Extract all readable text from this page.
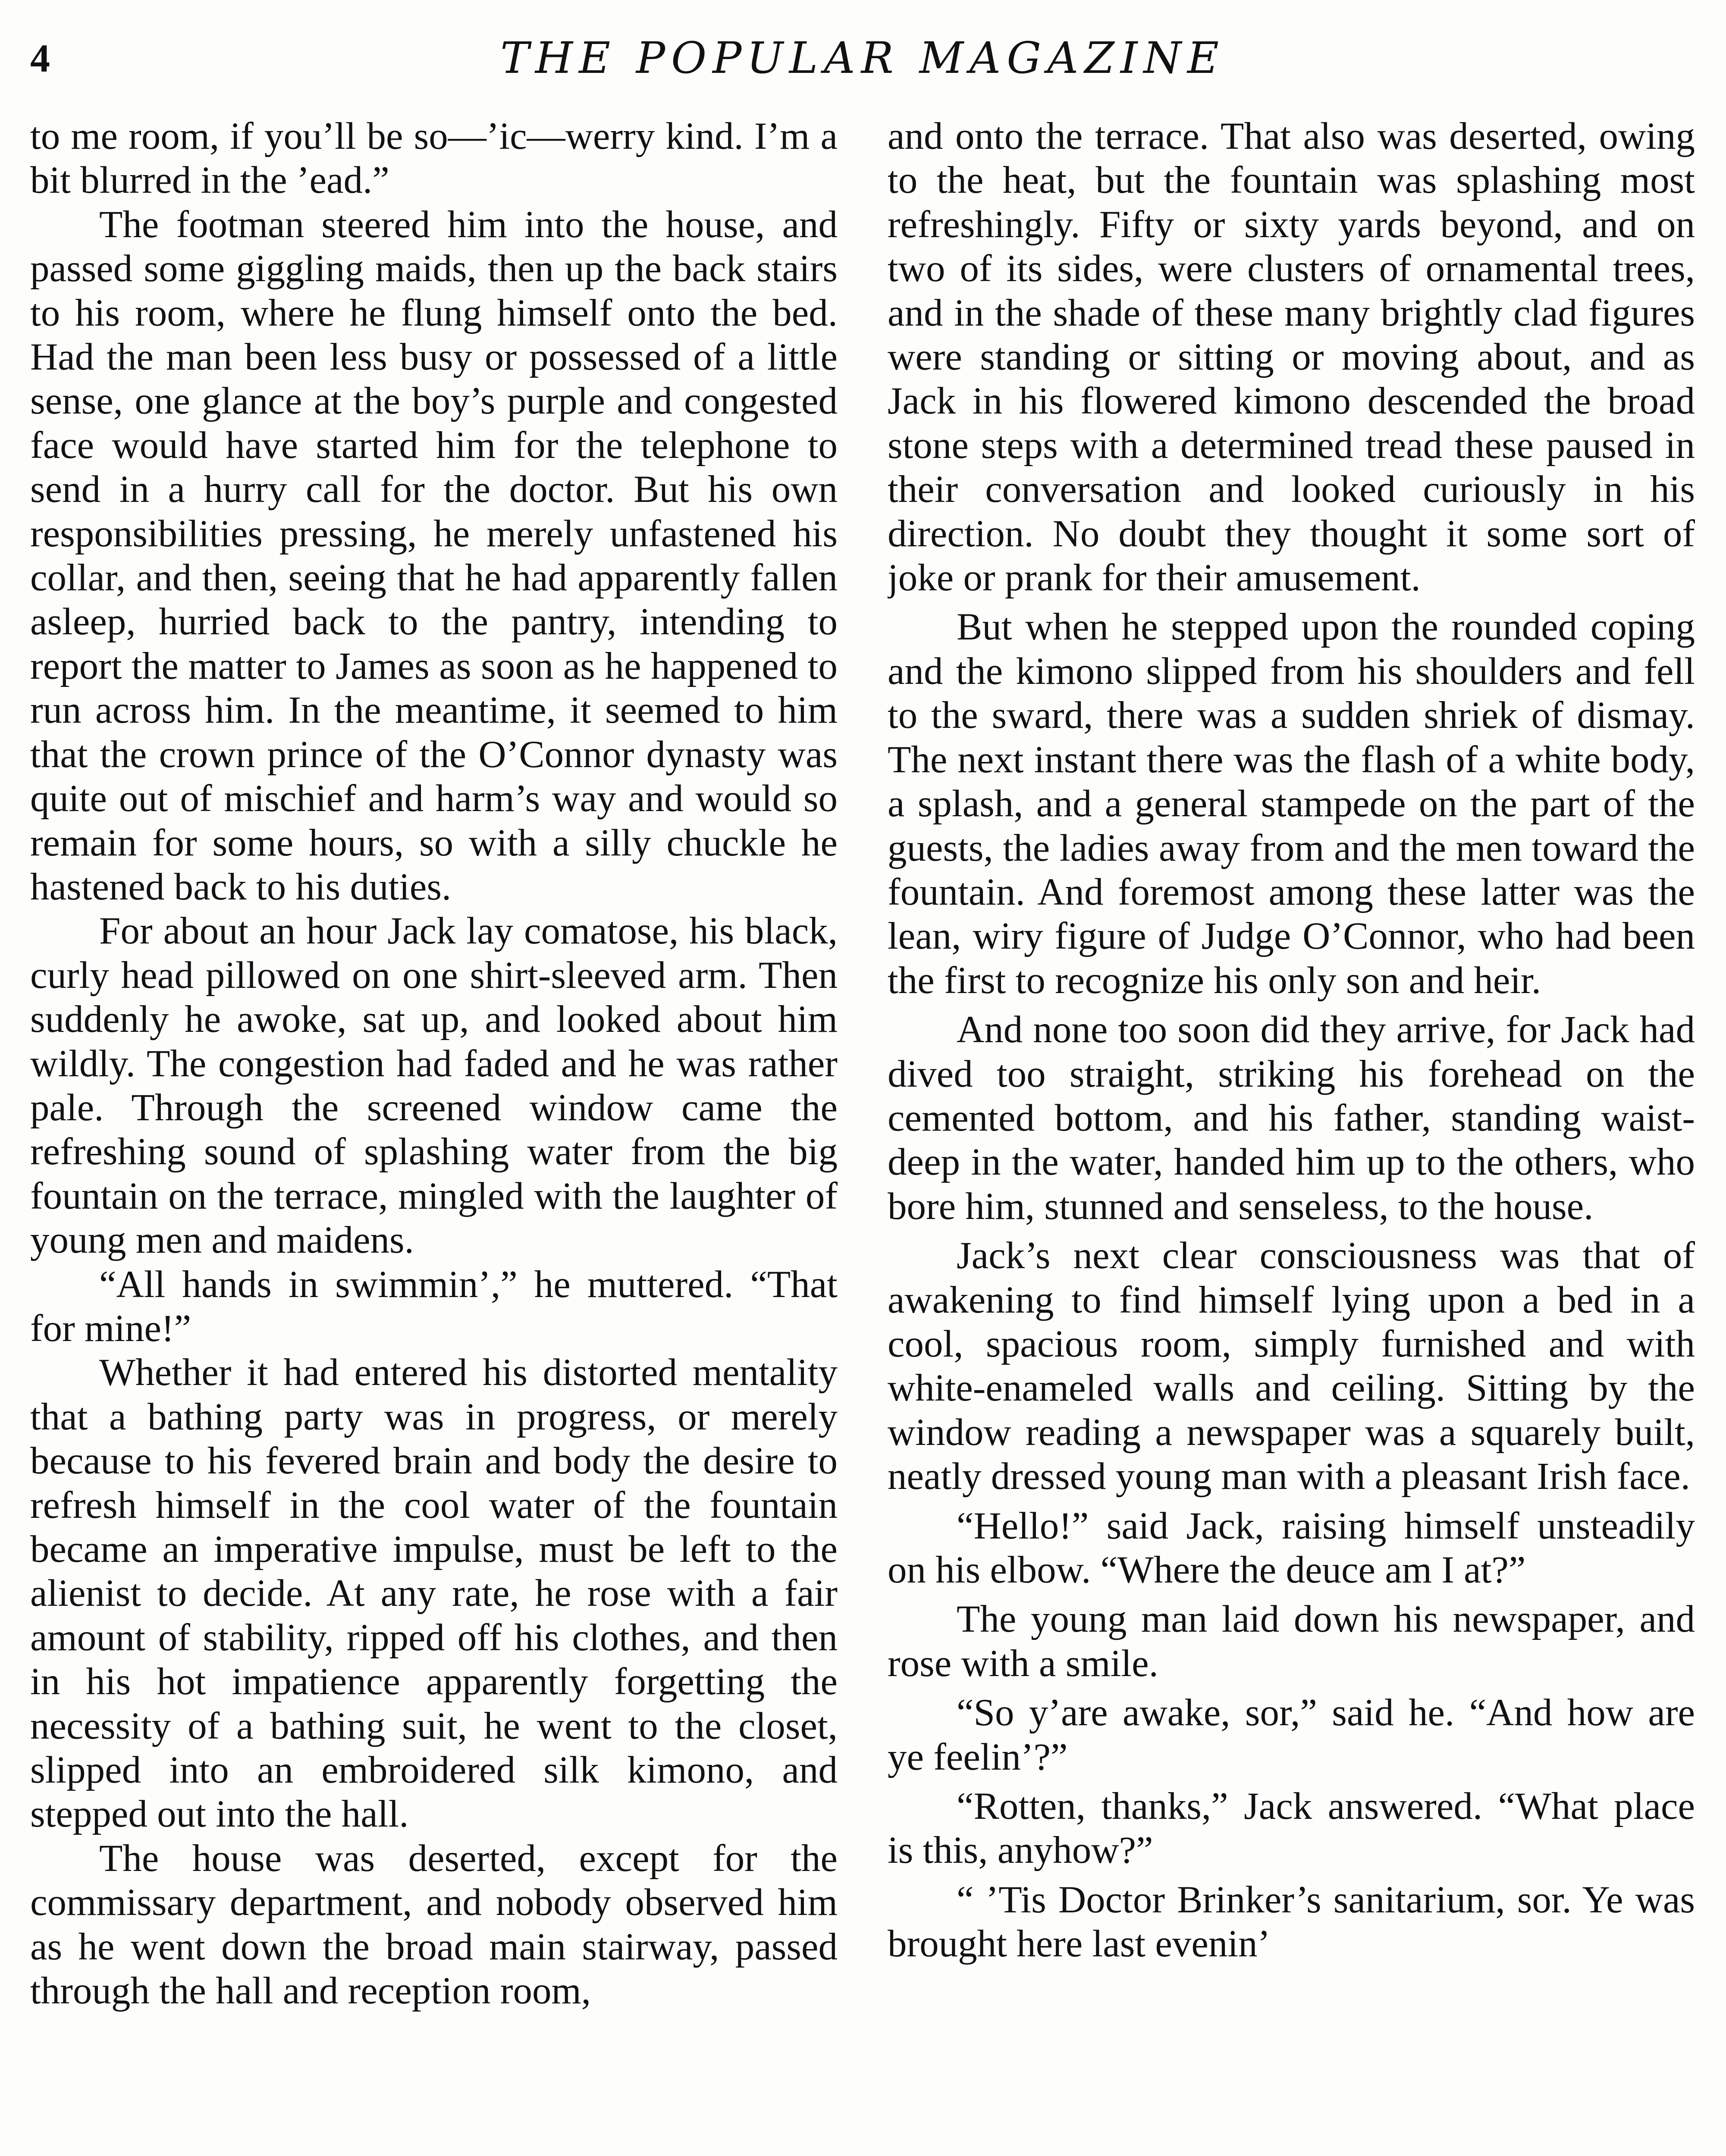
4	THE POPULAR MAGAZINE

to me room, if you’ll be so—’ic—werry kind. I’m a bit blurred in the ’ead.”

The footman steered him into the house, and passed some giggling maids, then up the back stairs to his room, where he flung himself onto the bed. Had the man been less busy or possessed of a little sense, one glance at the boy’s purple and congested face would have started him for the telephone to send in a hurry call for the doctor. But his own responsibilities pressing, he merely unfastened his collar, and then, seeing that he had apparently fallen asleep, hurried back to the pantry, intending to report the matter to James as soon as he happened to run across him. In the meantime, it seemed to him that the crown prince of the O’Connor dynasty was quite out of mischief and harm’s way and would so remain for some hours, so with a silly chuckle he hastened back to his duties.

For about an hour Jack lay comatose, his black, curly head pillowed on one shirt-sleeved arm. Then suddenly he awoke, sat up, and looked about him wildly. The congestion had faded and he was rather pale. Through the screened window came the refreshing sound of splashing water from the big fountain on the terrace, mingled with the laughter of young men and maidens.

“All hands in swimmin’,” he muttered. “That for mine!”

Whether it had entered his distorted mentality that a bathing party was in progress, or merely because to his fevered brain and body the desire to refresh himself in the cool water of the fountain became an imperative impulse, must be left to the alienist to decide. At any rate, he rose with a fair amount of stability, ripped off his clothes, and then in his hot impatience apparently forgetting the necessity of a bathing suit, he went to the closet, slipped into an embroidered silk kimono, and stepped out into the hall.

The house was deserted, except for the commissary department, and nobody observed him as he went down the broad main stairway, passed through the hall and reception room,

and onto the terrace. That also was deserted, owing to the heat, but the fountain was splashing most refreshingly. Fifty or sixty yards beyond, and on two of its sides, were clusters of ornamental trees, and in the shade of these many brightly clad figures were standing or sitting or moving about, and as Jack in his flowered kimono descended the broad stone steps with a determined tread these paused in their conversation and looked curiously in his direction. No doubt they thought it some sort of joke or prank for their amusement.

But when he stepped upon the rounded coping and the kimono slipped from his shoulders and fell to the sward, there was a sudden shriek of dismay. The next instant there was the flash of a white body, a splash, and a general stampede on the part of the guests, the ladies away from and the men toward the fountain. And foremost among these latter was the lean, wiry figure of Judge O’Connor, who had been the first to recognize his only son and heir.

And none too soon did they arrive, for Jack had dived too straight, striking his forehead on the cemented bottom, and his father, standing waist-deep in the water, handed him up to the others, who bore him, stunned and senseless, to the house.

Jack’s next clear consciousness was that of awakening to find himself lying upon a bed in a cool, spacious room, simply furnished and with white-enameled walls and ceiling. Sitting by the window reading a newspaper was a squarely built, neatly dressed young man with a pleasant Irish face.

“Hello!” said Jack, raising himself unsteadily on his elbow. “Where the deuce am I at?”

The young man laid down his newspaper, and rose with a smile.

“So y’are awake, sor,” said he. “And how are ye feelin’?”

“Rotten, thanks,” Jack answered. “What place is this, anyhow?”

“ ’Tis Doctor Brinker’s sanitarium, sor. Ye was brought here last evenin’
